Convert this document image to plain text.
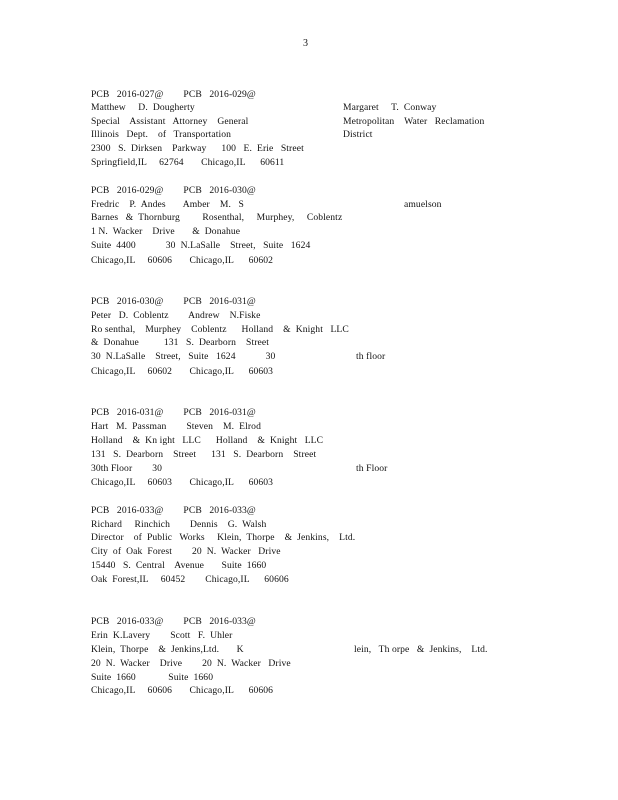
3
PCB   2016-027@        PCB   2016-029@
Matthew     D.  Dougherty	Margaret     T.  Conway
Special    Assistant   Attorney    General	Metropolitan    Water   Reclamation
Illinois   Dept.    of   Transportation	District
2300   S.  Dirksen    Parkway      100   E.  Erie   Street
Springfield,IL     62764       Chicago,IL      60611
PCB   2016-029@        PCB   2016-030@
Fredric    P.  Andes       Amber    M.   S	amuelson
Barnes   &  Thornburg         Rosenthal,     Murphey,     Coblentz
1 N.  Wacker    Drive       &  Donahue
Suite  4400            30  N.LaSalle    Street,   Suite   1624
Chicago,IL     60606       Chicago,IL      60602
PCB   2016-030@        PCB   2016-031@
Peter   D.  Coblentz        Andrew    N.Fiske
Ro senthal,    Murphey    Coblentz      Holland    &  Knight   LLC
&  Donahue          131   S.  Dearborn    Street
30  N.LaSalle    Street,   Suite   1624            30	th floor
Chicago,IL     60602       Chicago,IL      60603
PCB   2016-031@        PCB   2016-031@
Hart   M.  Passman        Steven    M.  Elrod
Holland    &  Kn ight   LLC      Holland    &  Knight   LLC
131   S.  Dearborn    Street      131   S.  Dearborn    Street
30th Floor        30	th Floor
Chicago,IL     60603       Chicago,IL      60603
PCB   2016-033@        PCB   2016-033@
Richard     Rinchich        Dennis    G.  Walsh
Director    of  Public   Works     Klein,  Thorpe    &  Jenkins,    Ltd.
City  of  Oak  Forest        20  N.  Wacker   Drive
15440   S.  Central    Avenue       Suite  1660
Oak  Forest,IL     60452        Chicago,IL      60606
PCB   2016-033@        PCB   2016-033@
Erin  K.Lavery        Scott   F.  Uhler
Klein,  Thorpe    &  Jenkins,Ltd.       K	lein,   Th orpe   &  Jenkins,    Ltd.
20  N.  Wacker    Drive        20  N.  Wacker   Drive
Suite  1660             Suite  1660
Chicago,IL     60606       Chicago,IL      60606
